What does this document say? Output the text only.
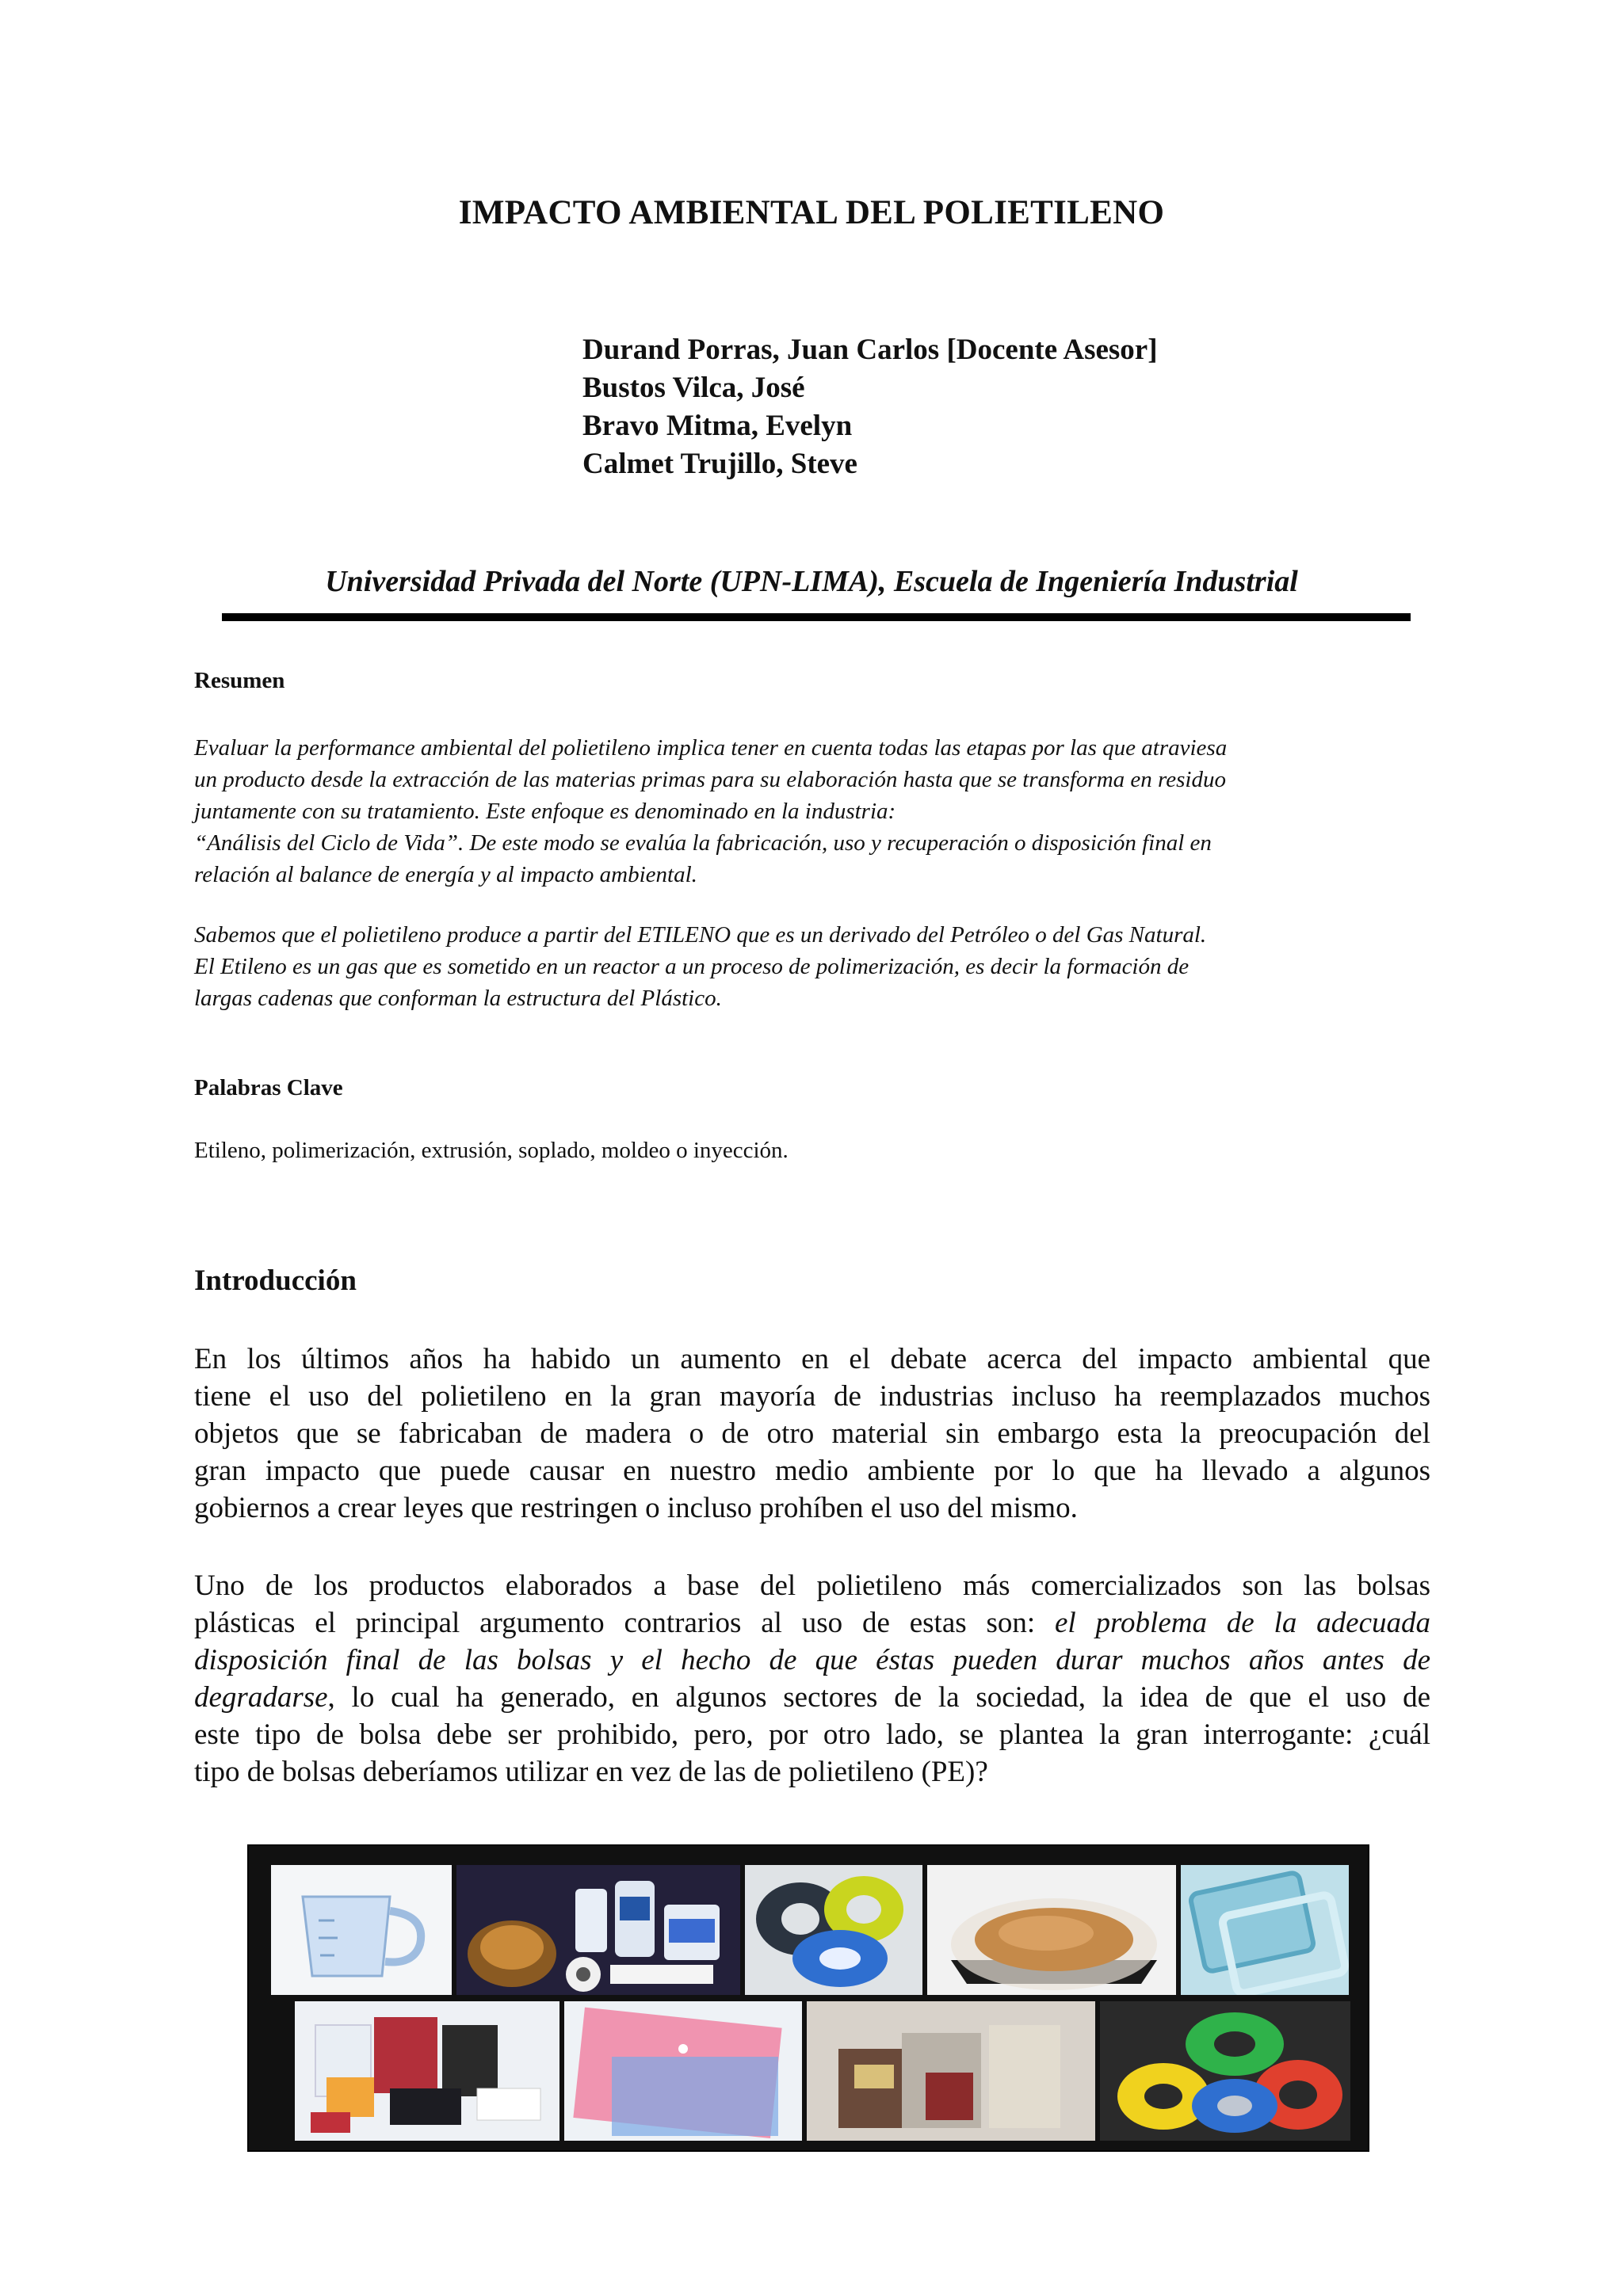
IMPACTO AMBIENTAL DEL POLIETILENO
Durand Porras, Juan Carlos [Docente Asesor]
Bustos Vilca, José
Bravo Mitma, Evelyn
Calmet Trujillo, Steve
Universidad Privada del Norte (UPN-LIMA), Escuela de Ingeniería Industrial
Resumen

Evaluar la performance ambiental del polietileno implica tener en cuenta todas las etapas por las que atraviesa

un producto desde la extracción de las materias primas para su elaboración hasta que se transforma en residuo

juntamente con su tratamiento. Este enfoque es denominado en la industria:

“Análisis del Ciclo de Vida”. De este modo se evalúa la fabricación, uso y recuperación o disposición final en

relación al balance de energía y al impacto ambiental.

Sabemos que el polietileno produce a partir del ETILENO que es un derivado del Petróleo o del Gas Natural.

El Etileno es un gas que es sometido en un reactor a un proceso de polimerización, es decir la formación de

largas cadenas que conforman la estructura del Plástico.

Palabras Clave
Etileno, polimerización, extrusión, soplado, moldeo o inyección.
Introducción
En los últimos años ha habido un aumento en el debate acerca del impacto ambiental que
tiene el uso del polietileno en la gran mayoría de industrias incluso ha reemplazados muchos
objetos que se fabricaban de madera o de otro material sin embargo esta la preocupación del
gran impacto que puede causar en nuestro medio ambiente por lo que ha llevado a algunos
gobiernos a crear leyes que restringen o incluso prohíben el uso del mismo.
Uno de los productos elaborados a base del polietileno más comercializados son las bolsas
plásticas el principal argumento contrarios al uso de estas son: el problema de la adecuada
disposición final de las bolsas y el hecho de que éstas pueden durar muchos años antes de
degradarse, lo cual ha generado, en algunos sectores de la sociedad, la idea de que el uso de
este tipo de bolsa debe ser prohibido, pero, por otro lado, se plantea la gran interrogante: ¿cuál
tipo de bolsas deberíamos utilizar en vez de las de polietileno (PE)?
